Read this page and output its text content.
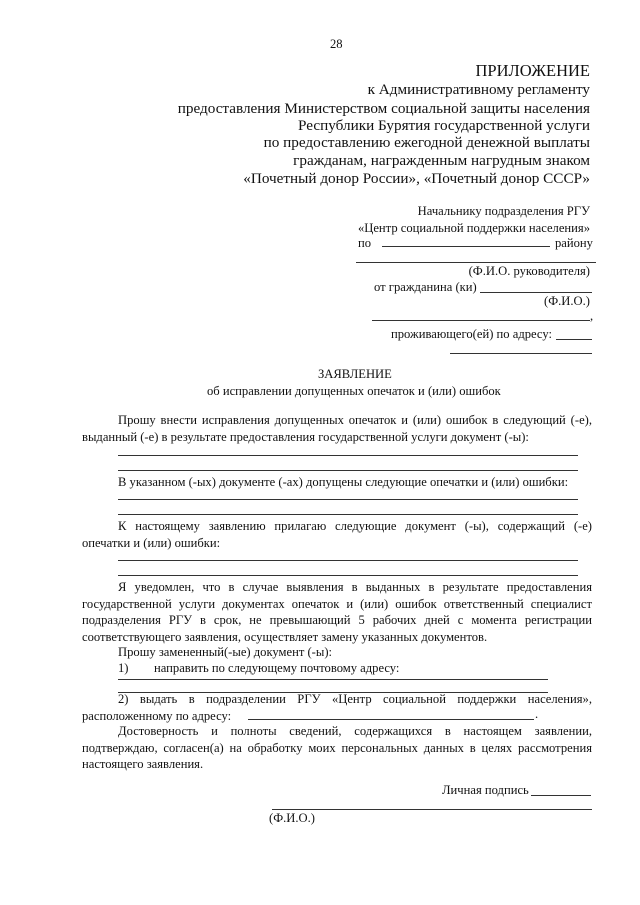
28
ПРИЛОЖЕНИЕ
к Административному регламенту
предоставления Министерством социальной защиты населения
Республики Бурятия государственной услуги
по предоставлению ежегодной денежной выплаты
гражданам, награжденным нагрудным знаком
«Почетный донор России», «Почетный донор СССР»
Начальнику подразделения РГУ
«Центр социальной поддержки населения»
по	району
(Ф.И.О. руководителя)
от гражданина (ки)
(Ф.И.О.)
,
проживающего(ей) по адресу:
ЗАЯВЛЕНИЕ
об исправлении допущенных опечаток и (или) ошибок
Прошу внести исправления допущенных опечаток и (или) ошибок в следующий (-е), выданный (-е) в результате предоставления государственной услуги документ (-ы):
В указанном (-ых) документе (-ах) допущены следующие опечатки и (или) ошибки:
К настоящему заявлению прилагаю следующие документ (-ы), содержащий (-е) опечатки и (или) ошибки:
Я уведомлен, что в случае выявления в выданных в результате предоставления государственной услуги документах опечаток и (или) ошибок ответственный специалист подразделения РГУ в срок, не превышающий 5 рабочих дней с момента регистрации соответствующего заявления, осуществляет замену указанных документов.
Прошу замененный(-ые) документ (-ы):
1) направить по следующему почтовому адресу:
2) выдать в подразделении РГУ «Центр социальной поддержки населения», расположенному по адресу:	.
Достоверность и полноты сведений, содержащихся в настоящем заявлении, подтверждаю, согласен(а) на обработку моих персональных данных в целях рассмотрения настоящего заявления.
Личная подпись
(Ф.И.О.)
